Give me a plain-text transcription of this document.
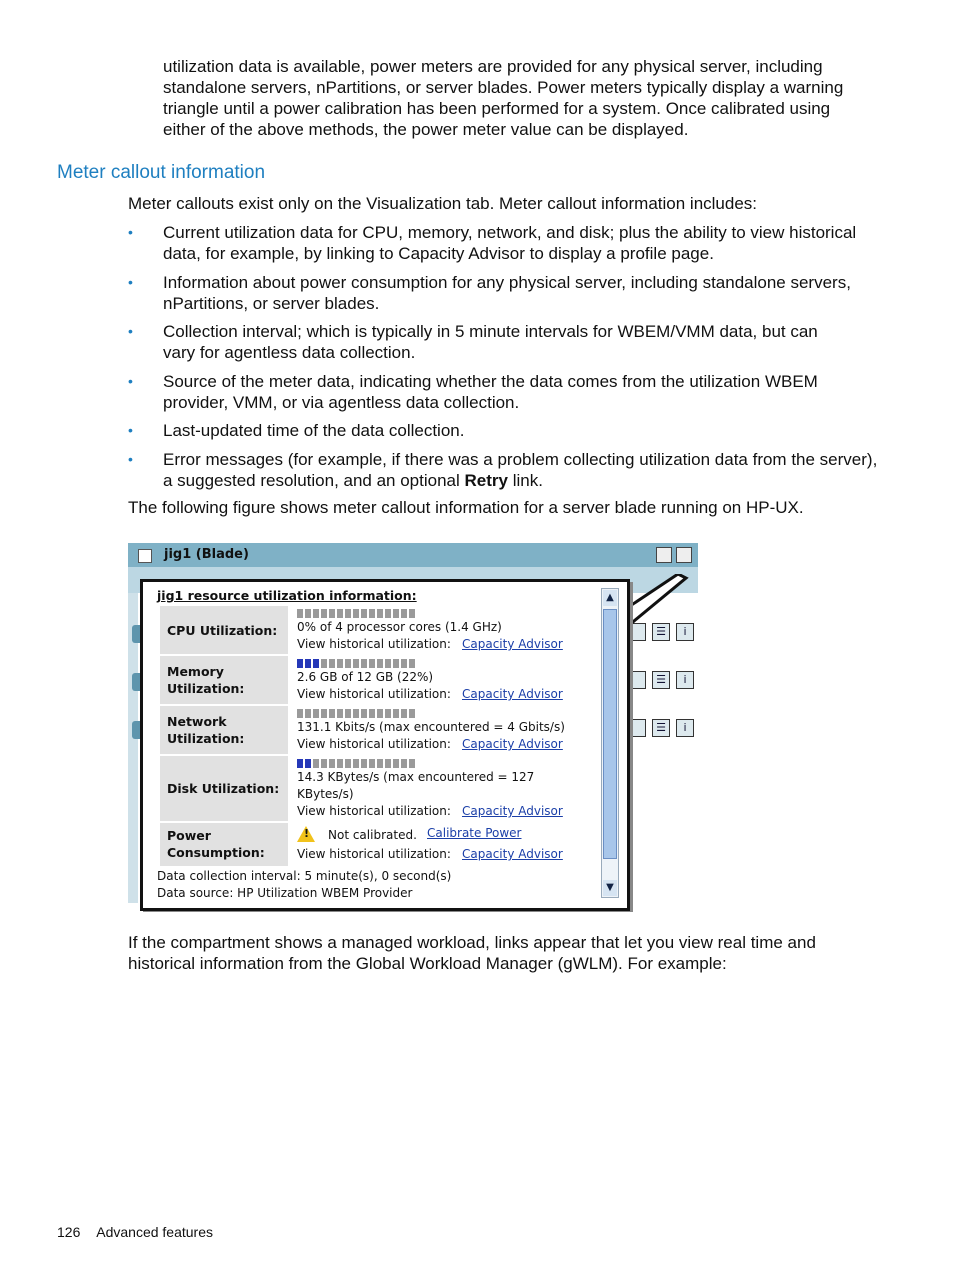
utilization data is available, power meters are provided for any physical server, including

standalone servers, nPartitions, or server blades. Power meters typically display a warning

triangle until a power calibration has been performed for a system. Once calibrated using

either of the above methods, the power meter value can be displayed.

Meter callout information

Meter callouts exist only on the Visualization tab. Meter callout information includes:

• Current utilization data for CPU, memory, network, and disk; plus the ability to view historical
data, for example, by linking to Capacity Advisor to display a profile page.
• Information about power consumption for any physical server, including standalone servers,
nPartitions, or server blades.
• Collection interval; which is typically in 5 minute intervals for WBEM/VMM data, but can
vary for agentless data collection.
• Source of the meter data, indicating whether the data comes from the utilization WBEM
provider, VMM, or via agentless data collection.
• Last-updated time of the data collection.
• Error messages (for example, if there was a problem collecting utilization data from the server),
a suggested resolution, and an optional Retry link.

The following figure shows meter callout information for a server blade running on HP-UX.

jig1 (Blade)
☰	i
☰	i
☰	i
jig1 resource utilization information:
CPU Utilization: 0% of 4 processor cores (1.4 GHz)
View historical utilization: Capacity Advisor
Memory
Utilization:
2.6 GB of 12 GB (22%)
View historical utilization: Capacity Advisor
Network
Utilization:
131.1 Kbits/s (max encountered = 4 Gbits/s)
View historical utilization: Capacity Advisor
Disk Utilization:
14.3 KBytes/s (max encountered = 127
KBytes/s)
View historical utilization: Capacity Advisor
Power
Consumption:
! Not calibrated. Calibrate Power
View historical utilization: Capacity Advisor
Data collection interval: 5 minute(s), 0 second(s)
Data source: HP Utilization WBEM Provider
▲
▼

If the compartment shows a managed workload, links appear that let you view real time and

historical information from the Global Workload Manager (gWLM). For example:

126 Advanced features
